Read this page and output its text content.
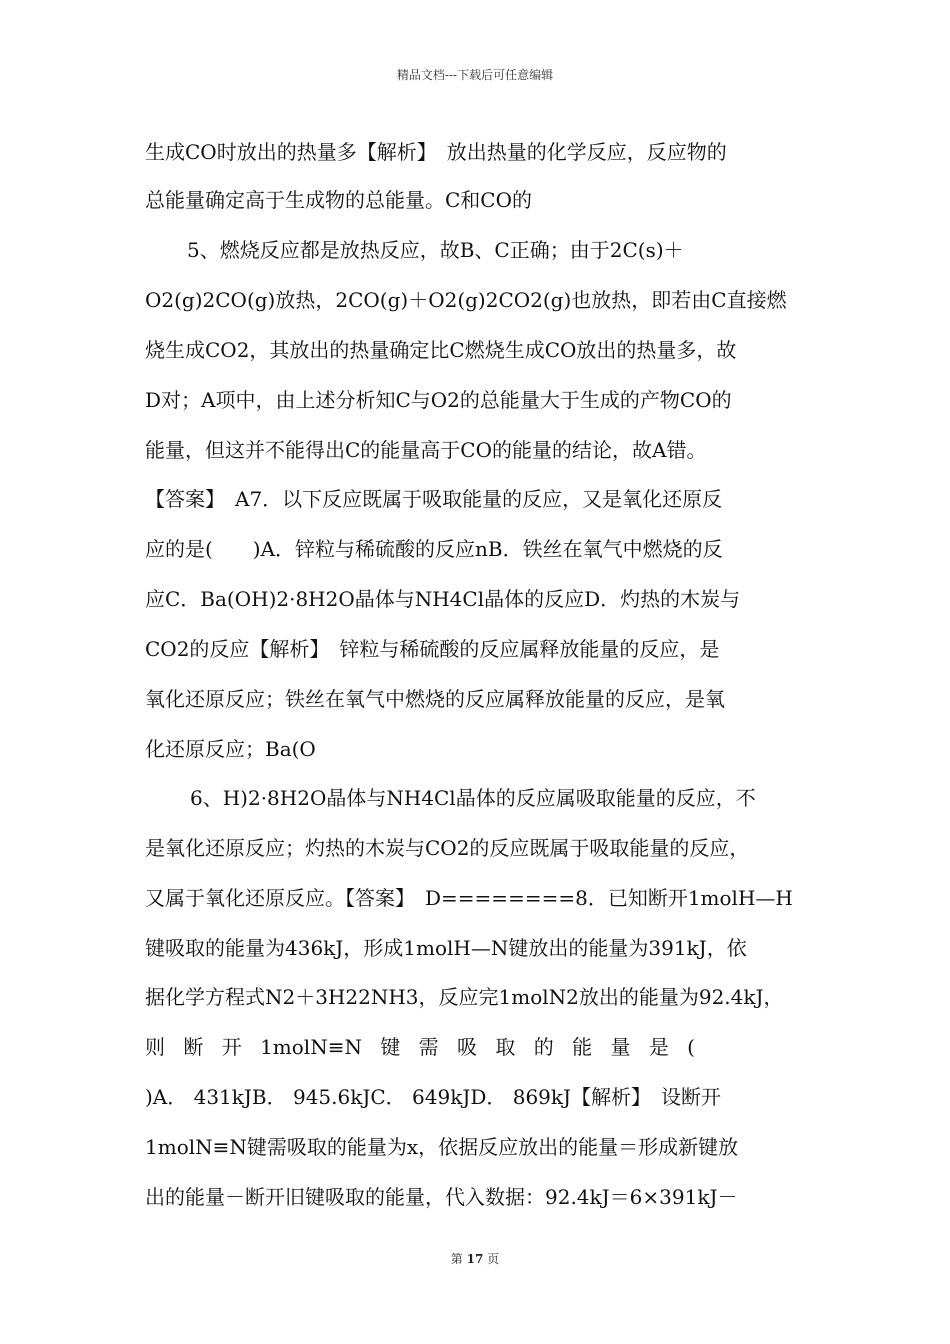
精品文档---下载后可任意编辑
生成CO时放出的热量多【解析】　放出热量的化学反应，反应物的
总能量确定高于生成物的总能量。C和CO的
5、燃烧反应都是放热反应，故B、C正确；由于2C(s)＋
O2(g)2CO(g)放热，2CO(g)＋O2(g)2CO2(g)也放热，即若由C直接燃
烧生成CO2，其放出的热量确定比C燃烧生成CO放出的热量多，故
D对；A项中，由上述分析知C与O2的总能量大于生成的产物CO的
能量，但这并不能得出C的能量高于CO的能量的结论，故A错。
【答案】　A7．以下反应既属于吸取能量的反应，又是氧化还原反
应的是(　　)A．锌粒与稀硫酸的反应nB．铁丝在氧气中燃烧的反
应C．Ba(OH)2·8H2O晶体与NH4Cl晶体的反应D．灼热的木炭与
CO2的反应【解析】　锌粒与稀硫酸的反应属释放能量的反应，是
氧化还原反应；铁丝在氧气中燃烧的反应属释放能量的反应，是氧
化还原反应；Ba(O
6、H)2·8H2O晶体与NH4Cl晶体的反应属吸取能量的反应，不
是氧化还原反应；灼热的木炭与CO2的反应既属于吸取能量的反应，
又属于氧化还原反应。【答案】　D========8．已知断开1molH—H
键吸取的能量为436kJ，形成1molH—N键放出的能量为391kJ，依
据化学方程式N2＋3H22NH3，反应完1molN2放出的能量为92.4kJ，
则 断 开 1molN≡N 键 需 吸 取 的 能 量 是 (
)A． 431kJB． 945.6kJC． 649kJD． 869kJ【解析】　设断开
1molN≡N键需吸取的能量为x，依据反应放出的能量＝形成新键放
出的能量－断开旧键吸取的能量，代入数据：92.4kJ＝6×391kJ－
第 17 页
